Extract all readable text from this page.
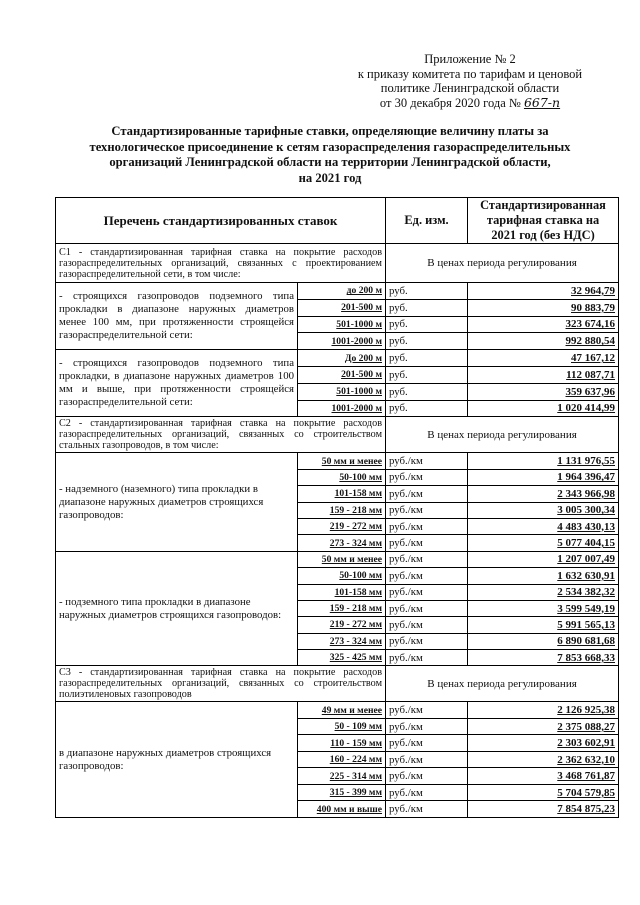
Приложение № 2
к приказу комитета по тарифам и ценовой
политике Ленинградской области
от 30 декабря 2020 года № 667-п
Стандартизированные тарифные ставки, определяющие величину платы за
технологическое присоединение к сетям газораспределения газораспределительных
организаций Ленинградской области на территории Ленинградской области,
на 2021 год
Перечень стандартизированных ставок		Ед. изм.	Стандартизированная
тарифная ставка на
2021 год (без НДС)

С1 - стандартизированная тарифная ставка на покрытие расходов газораспределительных организаций, связанных с проектированием газораспределительной сети, в том числе:		В ценах периода регулирования	
- строящихся газопроводов подземного типа прокладки в диапазоне наружных диаметров менее 100 мм, при протяженности строящейся газораспределительной сети:	до 200 м	руб.	32 964,79
	201-500 м	руб.	90 883,79
	501-1000 м	руб.	323 674,16
	1001-2000 м	руб.	992 880,54
- строящихся газопроводов подземного типа прокладки, в диапазоне наружных диаметров 100 мм и выше, при протяженности строящейся газораспределительной сети:	До 200 м	руб.	47 167,12
	201-500 м	руб.	112 087,71
	501-1000 м	руб.	359 637,96
	1001-2000 м	руб.	1 020 414,99
С2 - стандартизированная тарифная ставка на покрытие расходов газораспределительных организаций, связанных со строительством стальных газопроводов, в том числе:		В ценах периода регулирования	
- надземного (наземного) типа прокладки в диапазоне наружных диаметров строящихся газопроводов:	50 мм и менее	руб./км	1 131 976,55
	50-100 мм	руб./км	1 964 396,47
	101-158 мм	руб./км	2 343 966,98
	159 - 218 мм	руб./км	3 005 300,34
	219 - 272 мм	руб./км	4 483 430,13
	273 - 324 мм	руб./км	5 077 404,15
- подземного типа прокладки в диапазоне наружных диаметров строящихся газопроводов:	50 мм и менее	руб./км	1 207 007,49
	50-100 мм	руб./км	1 632 630,91
	101-158 мм	руб./км	2 534 382,32
	159 - 218 мм	руб./км	3 599 549,19
	219 - 272 мм	руб./км	5 991 565,13
	273 - 324 мм	руб./км	6 890 681,68
	325 - 425 мм	руб./км	7 853 668,33
С3 - стандартизированная тарифная ставка на покрытие расходов газораспределительных организаций, связанных со строительством полиэтиленовых газопроводов		В ценах периода регулирования	
в диапазоне наружных диаметров строящихся газопроводов:	49 мм и менее	руб./км	2 126 925,38
	50 - 109 мм	руб./км	2 375 088,27
	110 - 159 мм	руб./км	2 303 602,91
	160 - 224 мм	руб./км	2 362 632,10
	225 - 314 мм	руб./км	3 468 761,87
	315 - 399 мм	руб./км	5 704 579,85
	400 мм и выше	руб./км	7 854 875,23
